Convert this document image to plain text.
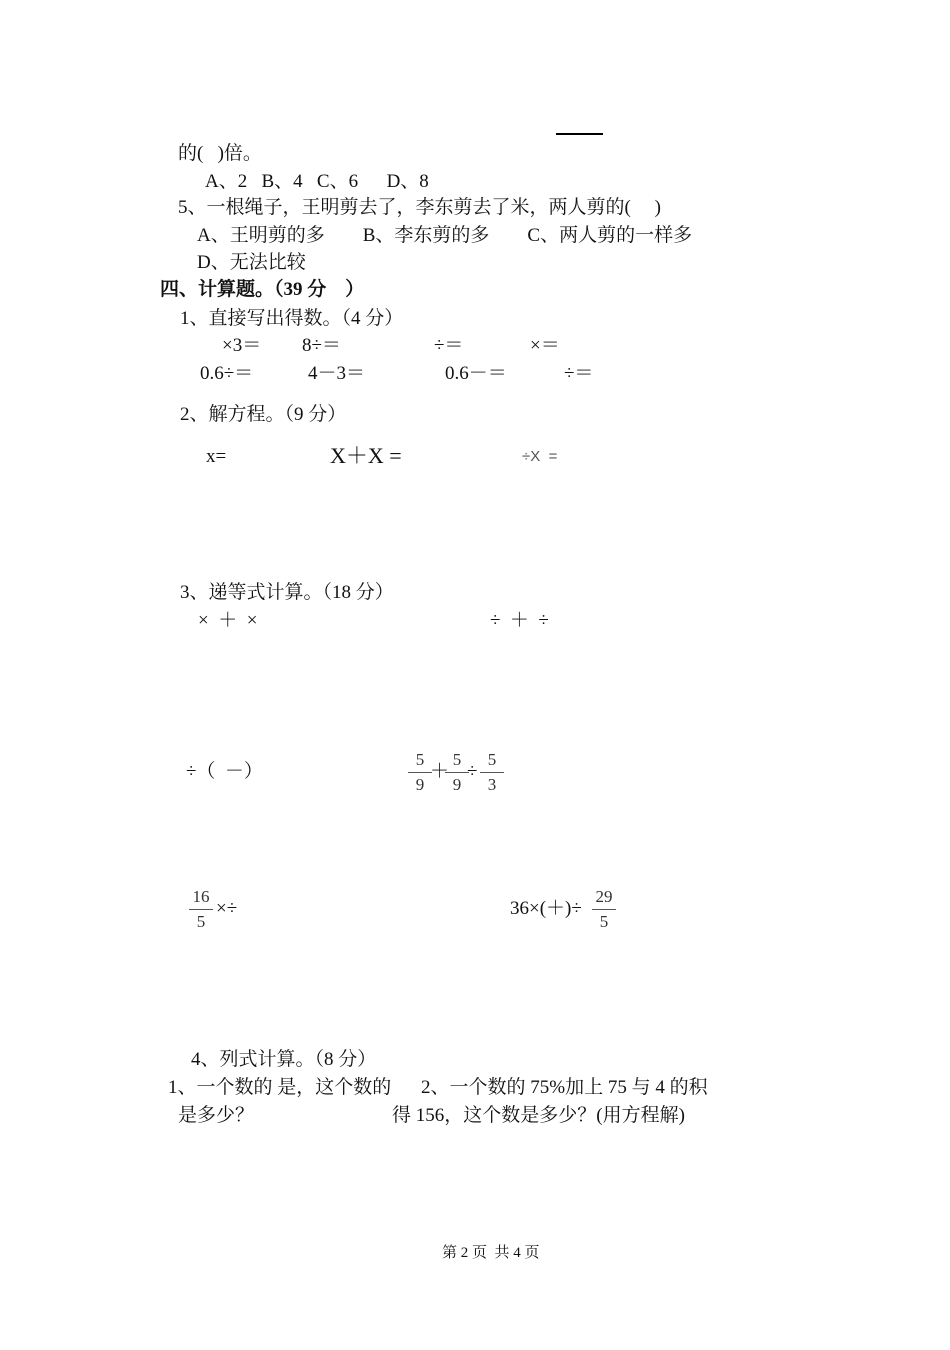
的(   )倍。
A、2   B、4   C、6      D、8
5、一根绳子，王明剪去了，李东剪去了米，两人剪的(     )
A、王明剪的多        B、李东剪的多        C、两人剪的一样多
D、无法比较
四、计算题。（39 分    ）
1、直接写出得数。（4 分）
×3＝ 8÷＝	÷＝	×＝
0.6÷＝	4－3＝	0.6－＝	÷＝
2、解方程。（9 分）
x=	X＋X =	÷X  =
3、递等式计算。（18 分）
×  ＋  ×	÷  ＋  ÷
÷（  －）
5
9
＋
5
9
÷
5
3
16
5
×÷	36×(＋)÷
29
5
4、列式计算。（8 分）
1、一个数的 是，这个数的
是多少？
2、一个数的 75%加上 75 与 4 的积
得 156，这个数是多少？(用方程解)
第 2 页  共 4 页
